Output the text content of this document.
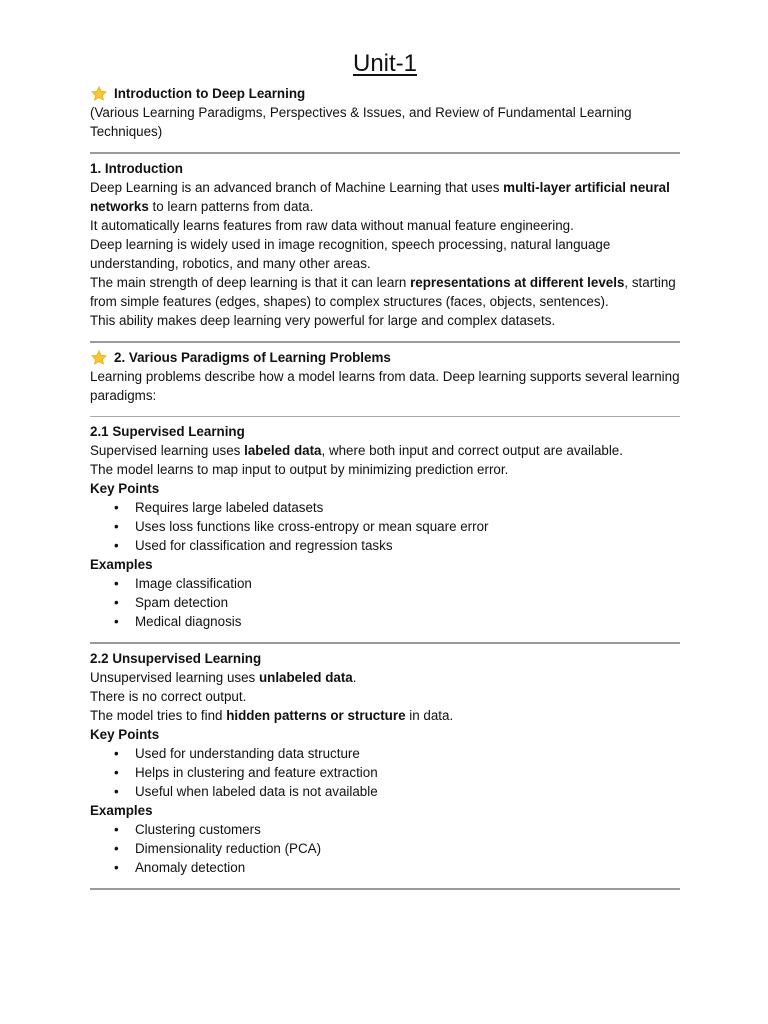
Unit-1
Introduction to Deep Learning

(Various Learning Paradigms, Perspectives & Issues, and Review of Fundamental Learning Techniques)

1. Introduction

Deep Learning is an advanced branch of Machine Learning that uses multi-layer artificial neural networks to learn patterns from data.

It automatically learns features from raw data without manual feature engineering.

Deep learning is widely used in image recognition, speech processing, natural language understanding, robotics, and many other areas.

The main strength of deep learning is that it can learn representations at different levels, starting from simple features (edges, shapes) to complex structures (faces, objects, sentences).

This ability makes deep learning very powerful for large and complex datasets.

2. Various Paradigms of Learning Problems

Learning problems describe how a model learns from data. Deep learning supports several learning paradigms:

2.1 Supervised Learning

Supervised learning uses labeled data, where both input and correct output are available.

The model learns to map input to output by minimizing prediction error.

Key Points

• Requires large labeled datasets
• Uses loss functions like cross-entropy or mean square error
• Used for classification and regression tasks

Examples

• Image classification
• Spam detection
• Medical diagnosis

2.2 Unsupervised Learning

Unsupervised learning uses unlabeled data.

There is no correct output.

The model tries to find hidden patterns or structure in data.

Key Points

• Used for understanding data structure
• Helps in clustering and feature extraction
• Useful when labeled data is not available

Examples

• Clustering customers
• Dimensionality reduction (PCA)
• Anomaly detection
